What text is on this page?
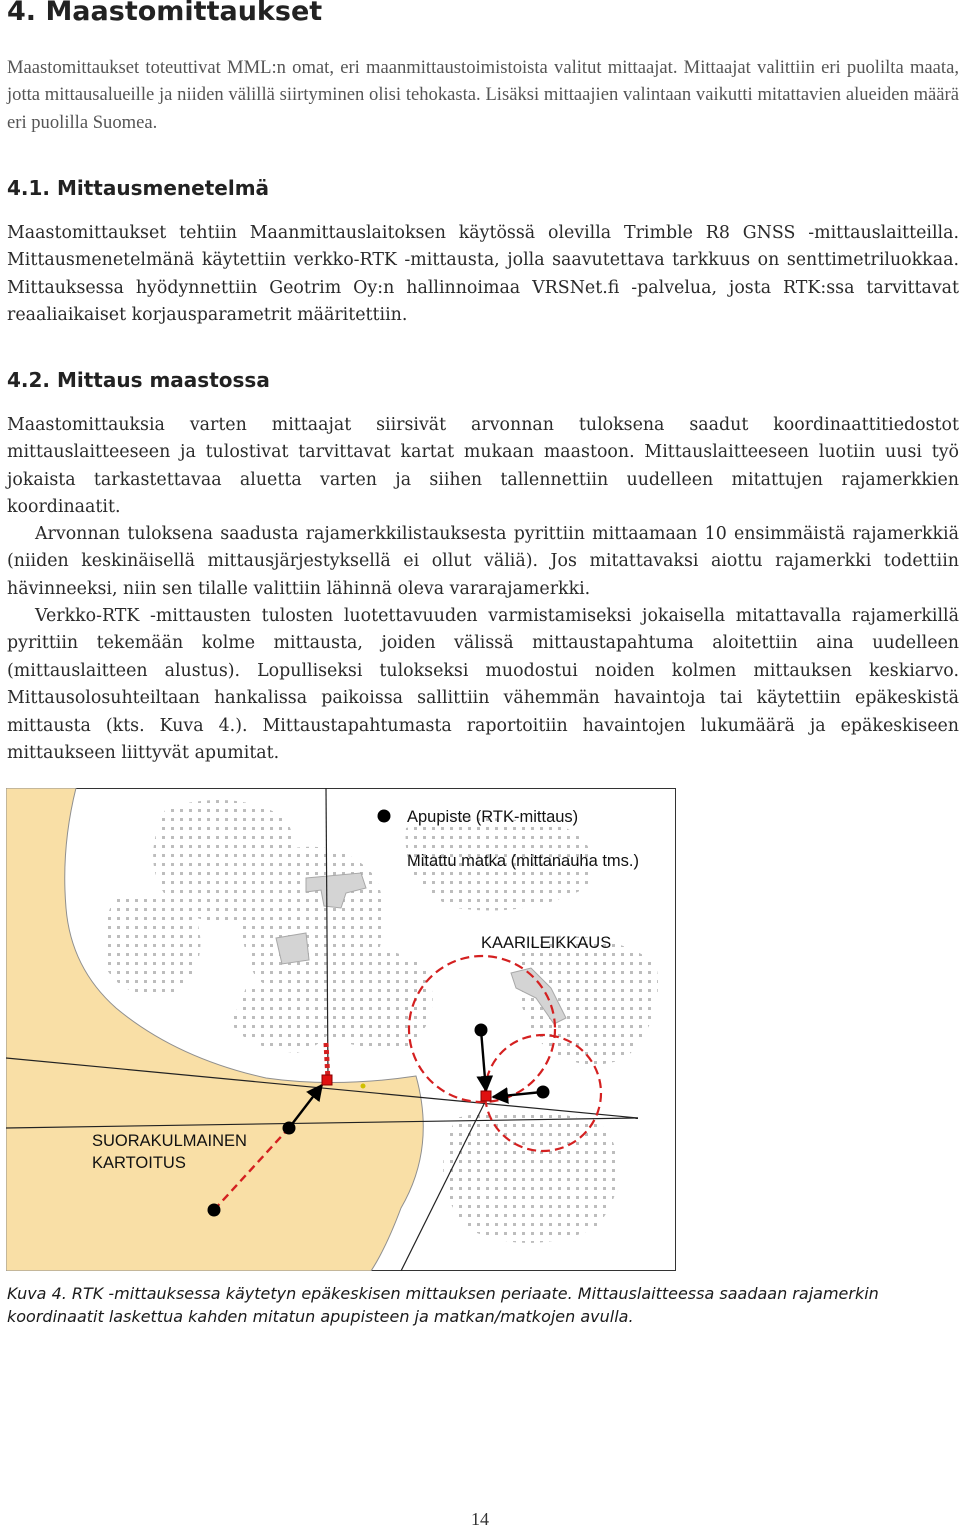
4. Maastomittaukset

Maastomittaukset toteuttivat MML:n omat, eri maanmittaustoimistoista valitut mittaajat. Mittaajat valittiin eri puolilta maata, jotta mittausalueille ja niiden välillä siirtyminen olisi tehokasta. Lisäksi mittaajien valintaan vaikutti mitattavien alueiden määrä eri puolilla Suomea.

4.1. Mittausmenetelmä

Maastomittaukset tehtiin Maanmittauslaitoksen käytössä olevilla Trimble R8 GNSS -mittauslaitteilla. Mittausmenetelmänä käytettiin verkko-RTK -mittausta, jolla saavutettava tarkkuus on senttimetriluokkaa. Mittauksessa hyödynnettiin Geotrim Oy:n hallinnoimaa VRSNet.fi -palvelua, josta RTK:ssa tarvittavat reaaliaikaiset korjausparametrit määritettiin.

4.2. Mittaus maastossa

Maastomittauksia varten mittaajat siirsivät arvonnan tuloksena saadut koordinaattitiedostot mittauslaitteeseen ja tulostivat tarvittavat kartat mukaan maastoon. Mittauslaitteeseen luotiin uusi työ jokaista tarkastettavaa aluetta varten ja siihen tallennettiin uudelleen mitattujen rajamerkkien koordinaatit.

Arvonnan tuloksena saadusta rajamerkkilistauksesta pyrittiin mittaamaan 10 ensimmäistä rajamerkkiä (niiden keskinäisellä mittausjärjestyksellä ei ollut väliä). Jos mitattavaksi aiottu rajamerkki todettiin hävinneeksi, niin sen tilalle valittiin lähinnä oleva vararajamerkki.

Verkko-RTK -mittausten tulosten luotettavuuden varmistamiseksi jokaisella mitattavalla rajamerkillä pyrittiin tekemään kolme mittausta, joiden välissä mittaustapahtuma aloitettiin aina uudelleen (mittauslaitteen alustus). Lopulliseksi tulokseksi muodostui noiden kolmen mittauksen keskiarvo. Mittausolosuhteiltaan hankalissa paikoissa sallittiin vähemmän havaintoja tai käytettiin epäkeskistä mittausta (kts. Kuva 4.). Mittaustapahtumasta raportoitiin havaintojen lukumäärä ja epäkeskiseen mittaukseen liittyvät apumitat.

Apupiste (RTK-mittaus)
Mitattu matka (mittanauha tms.)
KAARILEIKKAUS
SUORAKULMAINEN
KARTOITUS

Kuva 4. RTK -mittauksessa käytetyn epäkeskisen mittauksen periaate. Mittauslaitteessa saadaan rajamerkin koordinaatit laskettua kahden mitatun apupisteen ja matkan/matkojen avulla.

14
